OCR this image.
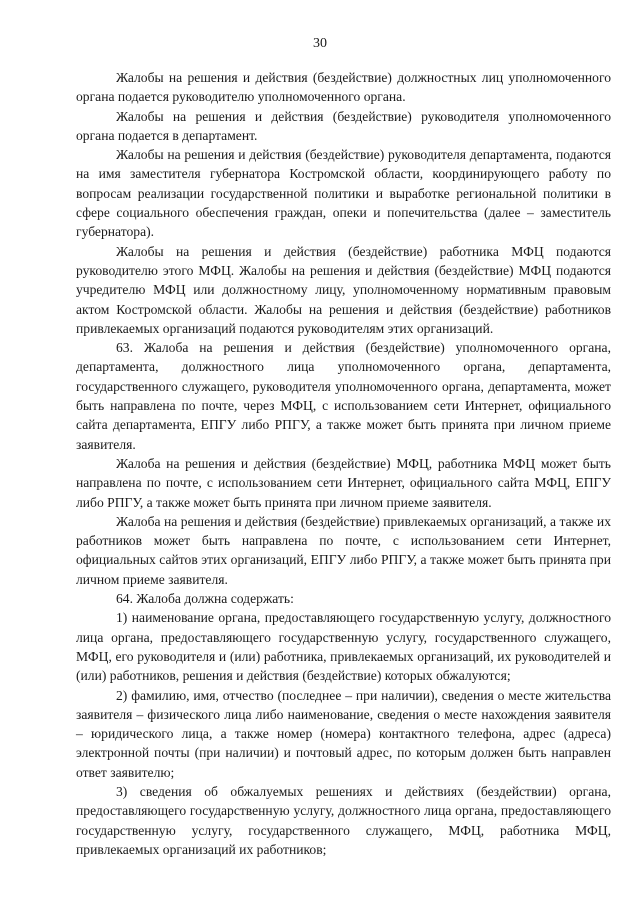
30

Жалобы на решения и действия (бездействие) должностных лиц уполномоченного органа подается руководителю уполномоченного органа.

Жалобы на решения и действия (бездействие) руководителя уполномоченного органа подается в департамент.

Жалобы на решения и действия (бездействие) руководителя департамента, подаются на имя заместителя губернатора Костромской области, координирующего работу по вопросам реализации государственной политики и выработке региональной политики в сфере социального обеспечения граждан, опеки и попечительства (далее – заместитель губернатора).

Жалобы на решения и действия (бездействие) работника МФЦ подаются руководителю этого МФЦ. Жалобы на решения и действия (бездействие) МФЦ подаются учредителю МФЦ или должностному лицу, уполномоченному нормативным правовым актом Костромской области. Жалобы на решения и действия (бездействие) работников привлекаемых организаций подаются руководителям этих организаций.

63. Жалоба на решения и действия (бездействие) уполномоченного органа, департамента, должностного лица уполномоченного органа, департамента, государственного служащего, руководителя уполномоченного органа, департамента, может быть направлена по почте, через МФЦ, с использованием сети Интернет, официального сайта департамента, ЕПГУ либо РПГУ, а также может быть принята при личном приеме заявителя.

Жалоба на решения и действия (бездействие) МФЦ, работника МФЦ может быть направлена по почте, с использованием сети Интернет, официального сайта МФЦ, ЕПГУ либо РПГУ, а также может быть принята при личном приеме заявителя.

Жалоба на решения и действия (бездействие) привлекаемых организаций, а также их работников может быть направлена по почте, с использованием сети Интернет, официальных сайтов этих организаций, ЕПГУ либо РПГУ, а также может быть принята при личном приеме заявителя.

64. Жалоба должна содержать:

1) наименование органа, предоставляющего государственную услугу, должностного лица органа, предоставляющего государственную услугу, государственного служащего, МФЦ, его руководителя и (или) работника, привлекаемых организаций, их руководителей и (или) работников, решения и действия (бездействие) которых обжалуются;

2) фамилию, имя, отчество (последнее – при наличии), сведения о месте жительства заявителя – физического лица либо наименование, сведения о месте нахождения заявителя – юридического лица, а также номер (номера) контактного телефона, адрес (адреса) электронной почты (при наличии) и почтовый адрес, по которым должен быть направлен ответ заявителю;

3) сведения об обжалуемых решениях и действиях (бездействии) органа, предоставляющего государственную услугу, должностного лица органа, предоставляющего государственную услугу, государственного служащего, МФЦ, работника МФЦ, привлекаемых организаций их работников;
